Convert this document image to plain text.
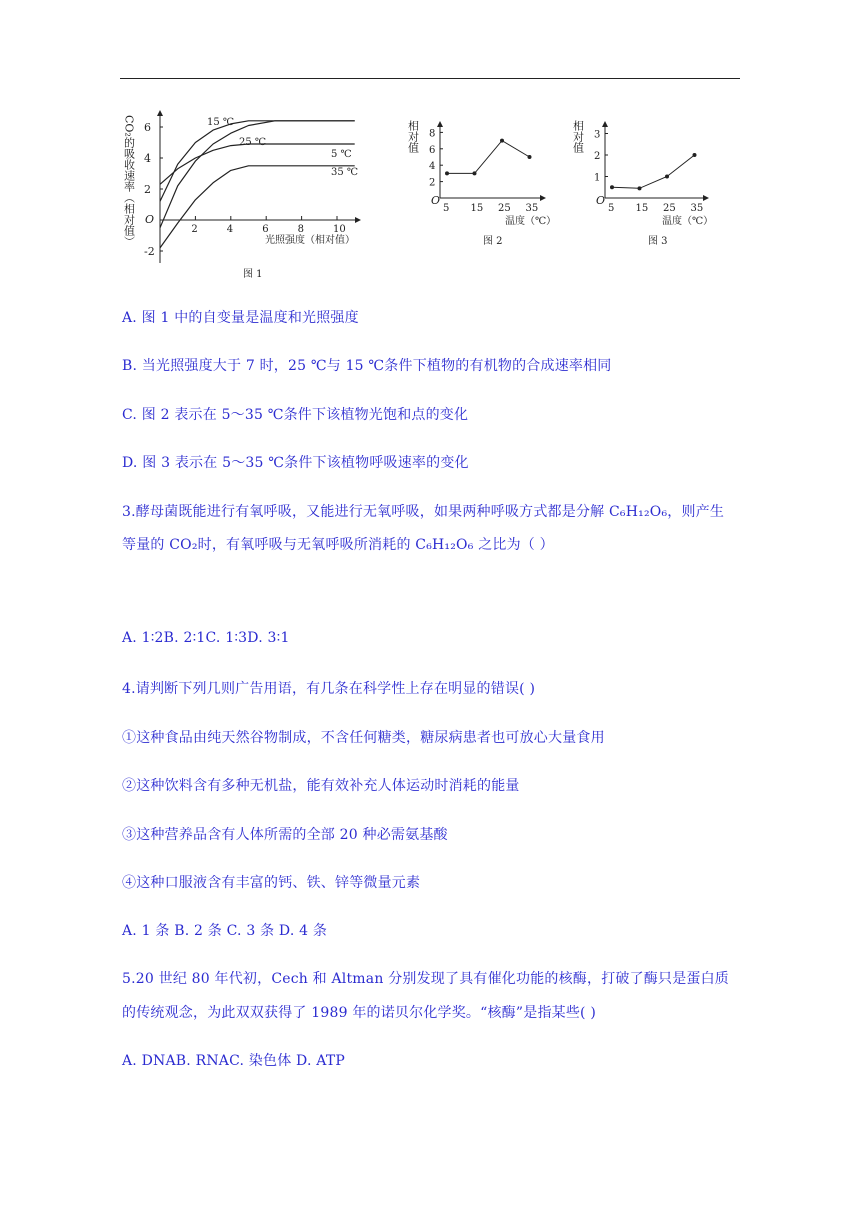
CO₂的吸收速率（相对值） O
6
4
2
-2
2	4	6	8	10
15 ℃
25 ℃
5 ℃
35 ℃
光照强度（相对值）
图 1
相对值
O
8
6
4
2
5 15 25 35
温度（℃）
图 2
相对值
O
3
2
1
5 15 25 35
温度（℃）
图 3
A. 图 1 中的自变量是温度和光照强度
B. 当光照强度大于 7 时，25 ℃与 15 ℃条件下植物的有机物的合成速率相同
C. 图 2 表示在 5～35 ℃条件下该植物光饱和点的变化
D. 图 3 表示在 5～35 ℃条件下该植物呼吸速率的变化
3.酵母菌既能进行有氧呼吸，又能进行无氧呼吸，如果两种呼吸方式都是分解 C₆H₁₂O₆，则产生
等量的 CO₂时，有氧呼吸与无氧呼吸所消耗的 C₆H₁₂O₆ 之比为（ ）
A. 1∶2B. 2∶1C. 1∶3D. 3∶1
4.请判断下列几则广告用语，有几条在科学性上存在明显的错误( )
①这种食品由纯天然谷物制成，不含任何糖类，糖尿病患者也可放心大量食用
②这种饮料含有多种无机盐，能有效补充人体运动时消耗的能量
③这种营养品含有人体所需的全部 20 种必需氨基酸
④这种口服液含有丰富的钙、铁、锌等微量元素
A. 1 条 B. 2 条 C. 3 条 D. 4 条
5.20 世纪 80 年代初，Cech 和 Altman 分别发现了具有催化功能的核酶，打破了酶只是蛋白质
的传统观念，为此双双获得了 1989 年的诺贝尔化学奖。“核酶”是指某些( )
A. DNAB. RNAC. 染色体 D. ATP
